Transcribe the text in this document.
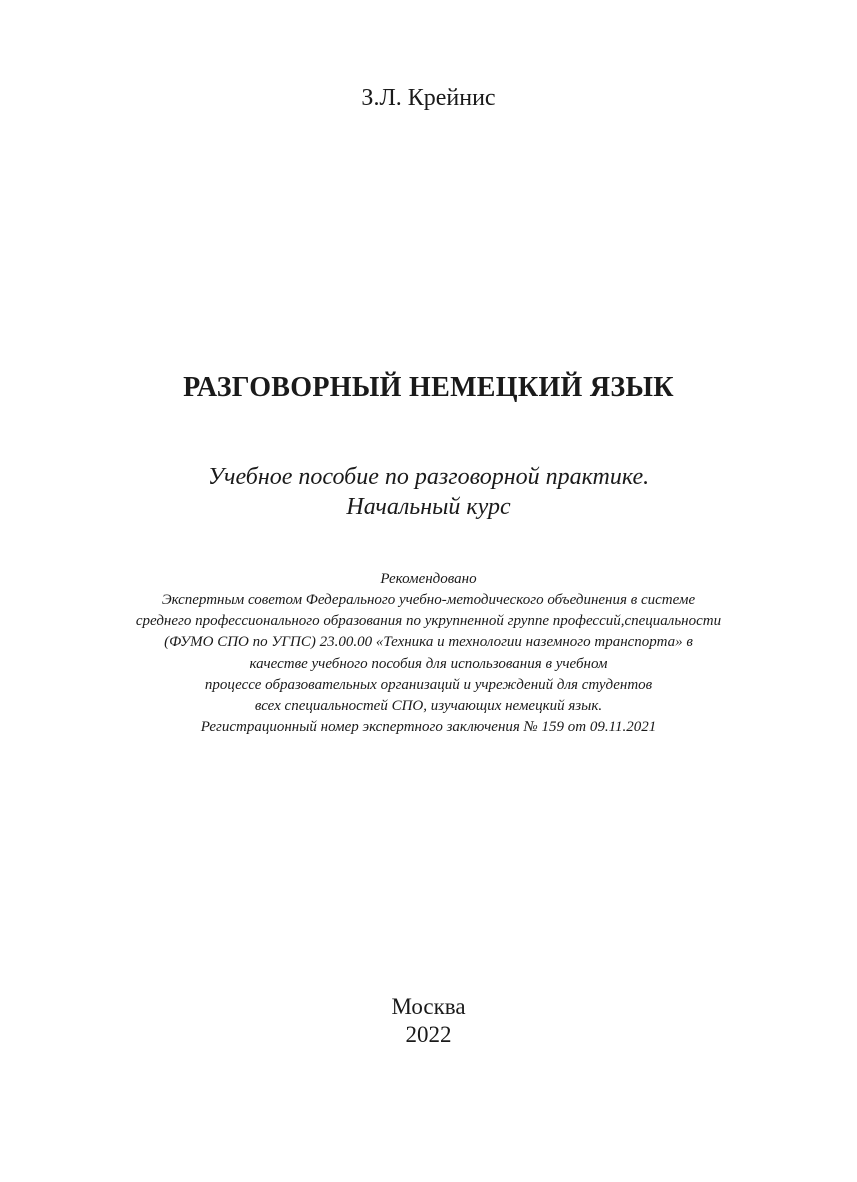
З.Л. Крейнис
РАЗГОВОРНЫЙ НЕМЕЦКИЙ ЯЗЫК
Учебное пособие по разговорной практике.
Начальный курс
Рекомендовано
Экспертным советом Федерального учебно-методического объединения в системе
среднего профессионального образования по укрупненной группе профессий,специальности
(ФУМО СПО по УГПС) 23.00.00 «Техника и технологии наземного транспорта» в
качестве учебного пособия для использования в учебном
процессе образовательных организаций и учреждений для студентов
всех специальностей СПО, изучающих немецкий язык.
Регистрационный номер экспертного заключения № 159 от 09.11.2021
Москва
2022
